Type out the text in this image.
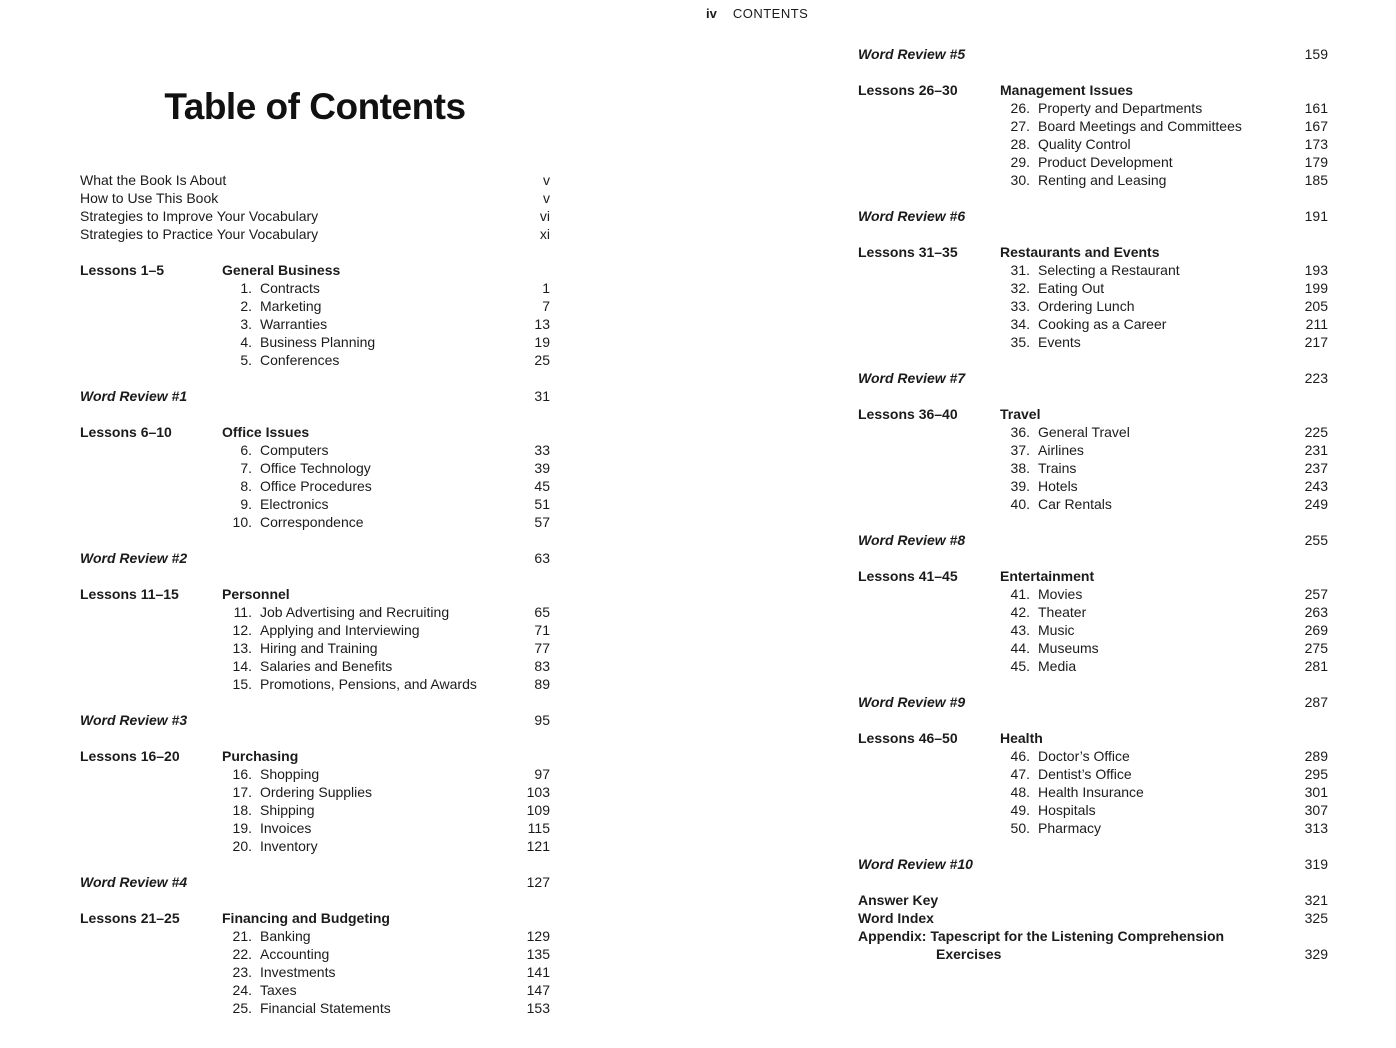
iv CONTENTS
Table of Contents
What the Book Is About	v
How to Use This Book	v
Strategies to Improve Your Vocabulary	vi
Strategies to Practice Your Vocabulary	xi
Lessons 1–5	General Business
1. Contracts	1
2. Marketing	7
3. Warranties	13
4. Business Planning	19
5. Conferences	25
Word Review #1	31
Lessons 6–10	Office Issues
6. Computers	33
7. Office Technology	39
8. Office Procedures	45
9. Electronics	51
10. Correspondence	57
Word Review #2	63
Lessons 11–15	Personnel
11. Job Advertising and Recruiting	65
12. Applying and Interviewing	71
13. Hiring and Training	77
14. Salaries and Benefits	83
15. Promotions, Pensions, and Awards	89
Word Review #3	95
Lessons 16–20	Purchasing
16. Shopping	97
17. Ordering Supplies	103
18. Shipping	109
19. Invoices	115
20. Inventory	121
Word Review #4	127
Lessons 21–25	Financing and Budgeting
21. Banking	129
22. Accounting	135
23. Investments	141
24. Taxes	147
25. Financial Statements	153
Word Review #5	159
Lessons 26–30	Management Issues
26. Property and Departments	161
27. Board Meetings and Committees	167
28. Quality Control	173
29. Product Development	179
30. Renting and Leasing	185
Word Review #6	191
Lessons 31–35	Restaurants and Events
31. Selecting a Restaurant	193
32. Eating Out	199
33. Ordering Lunch	205
34. Cooking as a Career	211
35. Events	217
Word Review #7	223
Lessons 36–40	Travel
36. General Travel	225
37. Airlines	231
38. Trains	237
39. Hotels	243
40. Car Rentals	249
Word Review #8	255
Lessons 41–45	Entertainment
41. Movies	257
42. Theater	263
43. Music	269
44. Museums	275
45. Media	281
Word Review #9	287
Lessons 46–50	Health
46. Doctor’s Office	289
47. Dentist’s Office	295
48. Health Insurance	301
49. Hospitals	307
50. Pharmacy	313
Word Review #10	319
Answer Key	321
Word Index	325
Appendix: Tapescript for the Listening Comprehension
Exercises	329
